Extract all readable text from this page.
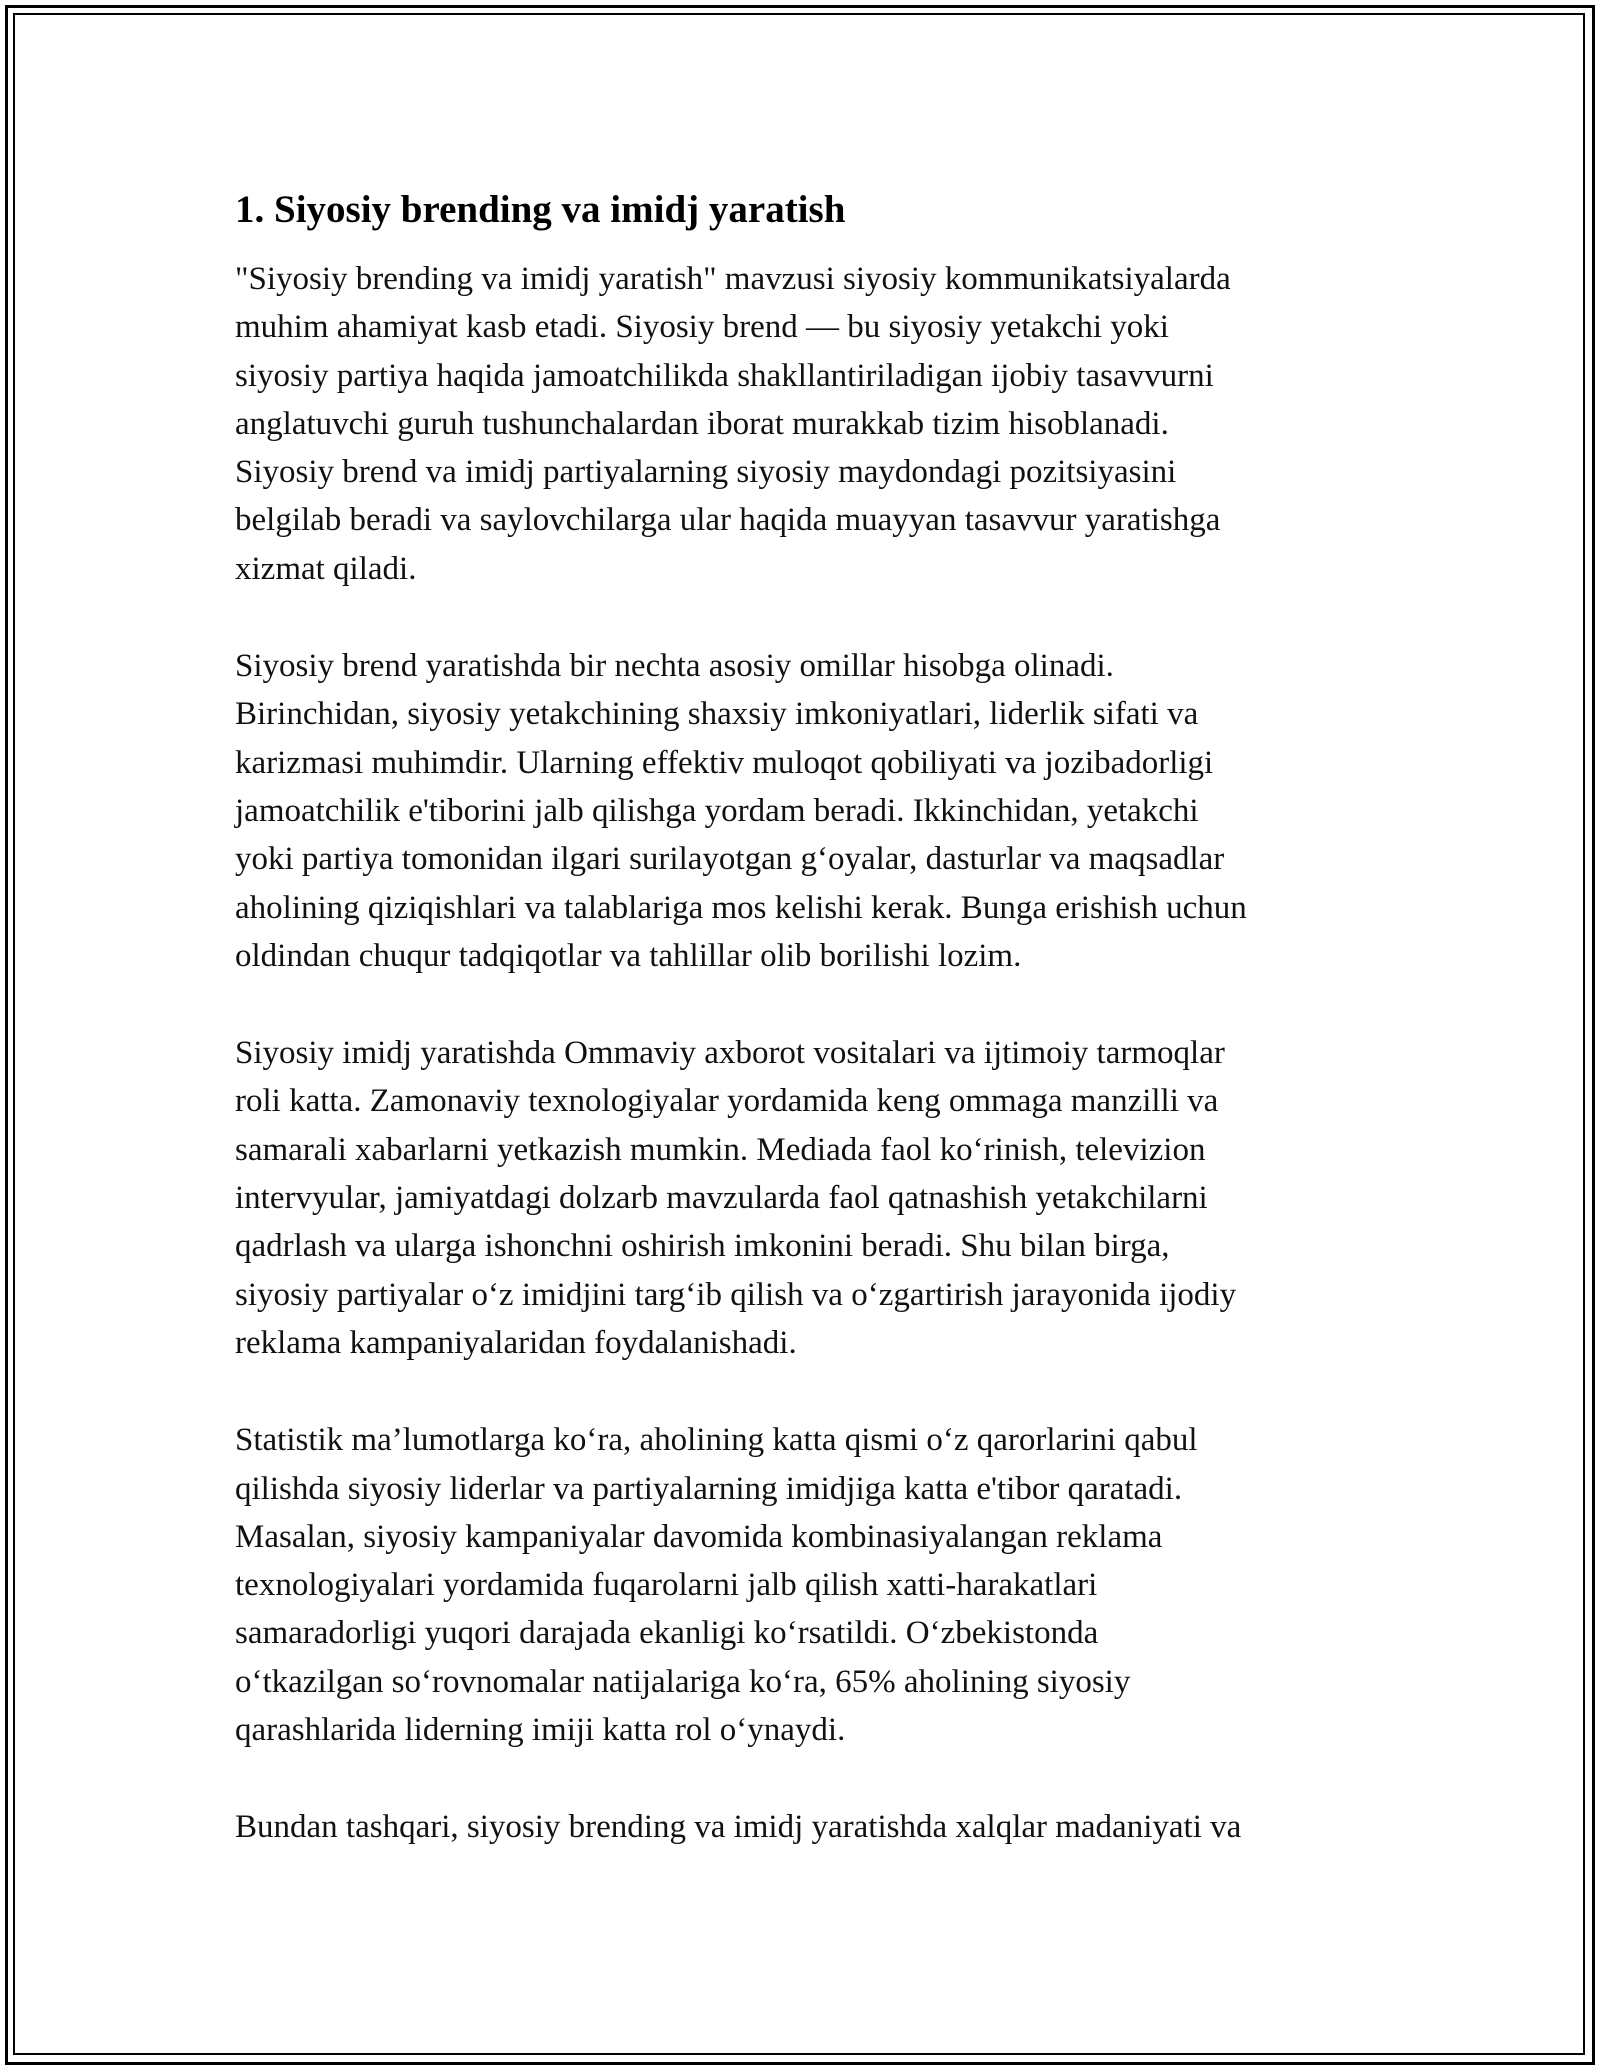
1. Siyosiy brending va imidj yaratish

"Siyosiy brending va imidj yaratish" mavzusi siyosiy kommunikatsiyalarda
muhim ahamiyat kasb etadi. Siyosiy brend — bu siyosiy yetakchi yoki
siyosiy partiya haqida jamoatchilikda shakllantiriladigan ijobiy tasavvurni
anglatuvchi guruh tushunchalardan iborat murakkab tizim hisoblanadi.
Siyosiy brend va imidj partiyalarning siyosiy maydondagi pozitsiyasini
belgilab beradi va saylovchilarga ular haqida muayyan tasavvur yaratishga
xizmat qiladi.

Siyosiy brend yaratishda bir nechta asosiy omillar hisobga olinadi.
Birinchidan, siyosiy yetakchining shaxsiy imkoniyatlari, liderlik sifati va
karizmasi muhimdir. Ularning effektiv muloqot qobiliyati va jozibadorligi
jamoatchilik e'tiborini jalb qilishga yordam beradi. Ikkinchidan, yetakchi
yoki partiya tomonidan ilgari surilayotgan g‘oyalar, dasturlar va maqsadlar
aholining qiziqishlari va talablariga mos kelishi kerak. Bunga erishish uchun
oldindan chuqur tadqiqotlar va tahlillar olib borilishi lozim.

Siyosiy imidj yaratishda Ommaviy axborot vositalari va ijtimoiy tarmoqlar
roli katta. Zamonaviy texnologiyalar yordamida keng ommaga manzilli va
samarali xabarlarni yetkazish mumkin. Mediada faol ko‘rinish, televizion
intervyular, jamiyatdagi dolzarb mavzularda faol qatnashish yetakchilarni
qadrlash va ularga ishonchni oshirish imkonini beradi. Shu bilan birga,
siyosiy partiyalar o‘z imidjini targ‘ib qilish va o‘zgartirish jarayonida ijodiy
reklama kampaniyalaridan foydalanishadi.

Statistik ma’lumotlarga ko‘ra, aholining katta qismi o‘z qarorlarini qabul
qilishda siyosiy liderlar va partiyalarning imidjiga katta e'tibor qaratadi.
Masalan, siyosiy kampaniyalar davomida kombinasiyalangan reklama
texnologiyalari yordamida fuqarolarni jalb qilish xatti-harakatlari
samaradorligi yuqori darajada ekanligi ko‘rsatildi. O‘zbekistonda
o‘tkazilgan so‘rovnomalar natijalariga ko‘ra, 65% aholining siyosiy
qarashlarida liderning imiji katta rol o‘ynaydi.

Bundan tashqari, siyosiy brending va imidj yaratishda xalqlar madaniyati va
